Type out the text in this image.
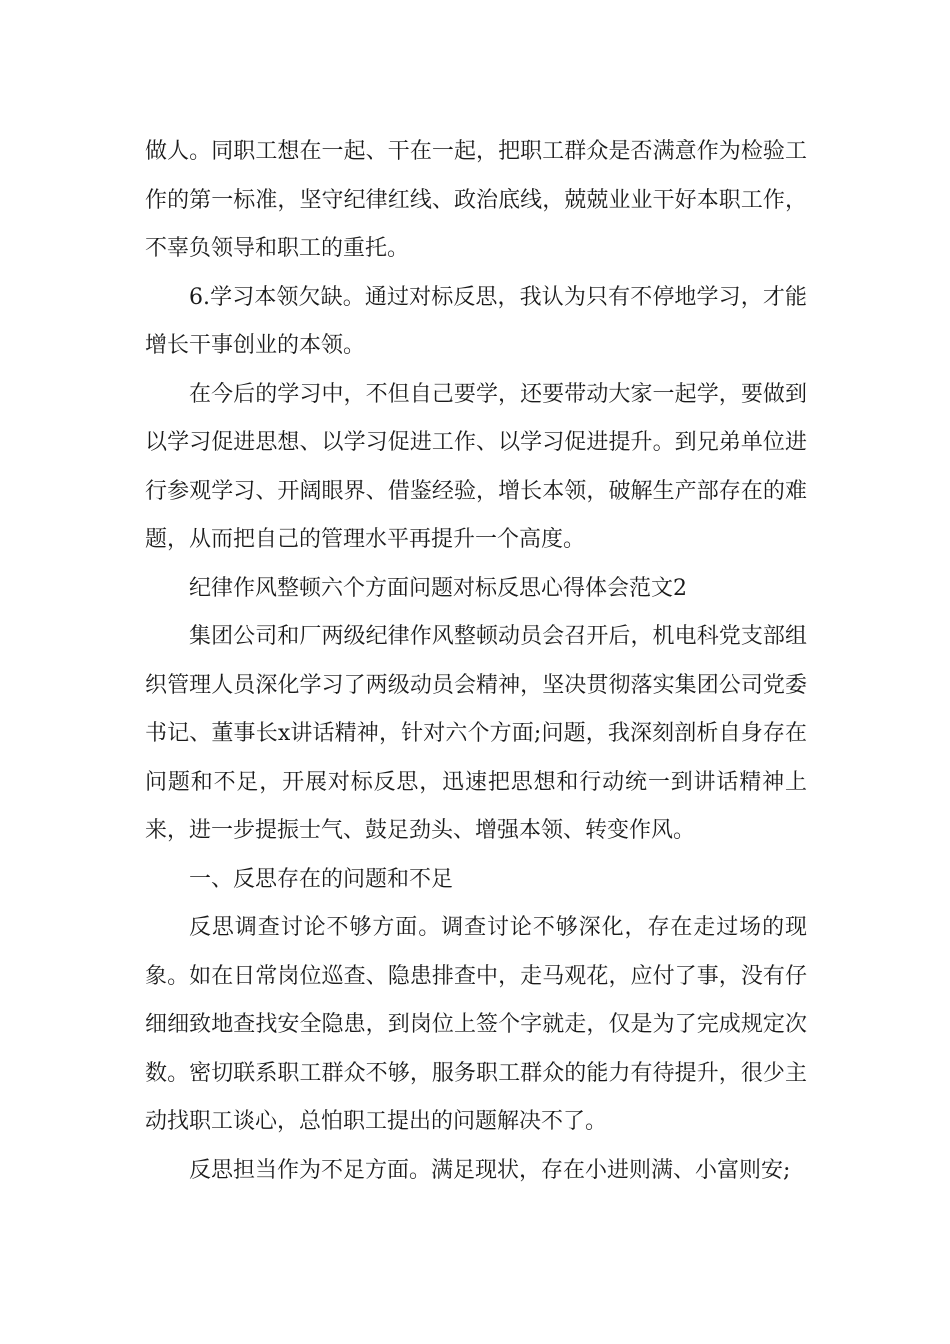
做人。同职工想在一起、干在一起，把职工群众是否满意作为检验工作的第一标准，坚守纪律红线、政治底线，兢兢业业干好本职工作，不辜负领导和职工的重托。

6.学习本领欠缺。通过对标反思，我认为只有不停地学习，才能增长干事创业的本领。

在今后的学习中，不但自己要学，还要带动大家一起学，要做到以学习促进思想、以学习促进工作、以学习促进提升。到兄弟单位进行参观学习、开阔眼界、借鉴经验，增长本领，破解生产部存在的难题，从而把自己的管理水平再提升一个高度。

纪律作风整顿六个方面问题对标反思心得体会范文2

集团公司和厂两级纪律作风整顿动员会召开后，机电科党支部组织管理人员深化学习了两级动员会精神，坚决贯彻落实集团公司党委书记、董事长x讲话精神，针对六个方面;问题，我深刻剖析自身存在问题和不足，开展对标反思，迅速把思想和行动统一到讲话精神上来，进一步提振士气、鼓足劲头、增强本领、转变作风。

一、反思存在的问题和不足

反思调查讨论不够方面。调查讨论不够深化，存在走过场的现象。如在日常岗位巡查、隐患排查中，走马观花，应付了事，没有仔细细致地查找安全隐患，到岗位上签个字就走，仅是为了完成规定次数。密切联系职工群众不够，服务职工群众的能力有待提升，很少主动找职工谈心，总怕职工提出的问题解决不了。

反思担当作为不足方面。满足现状，存在小进则满、小富则安;
